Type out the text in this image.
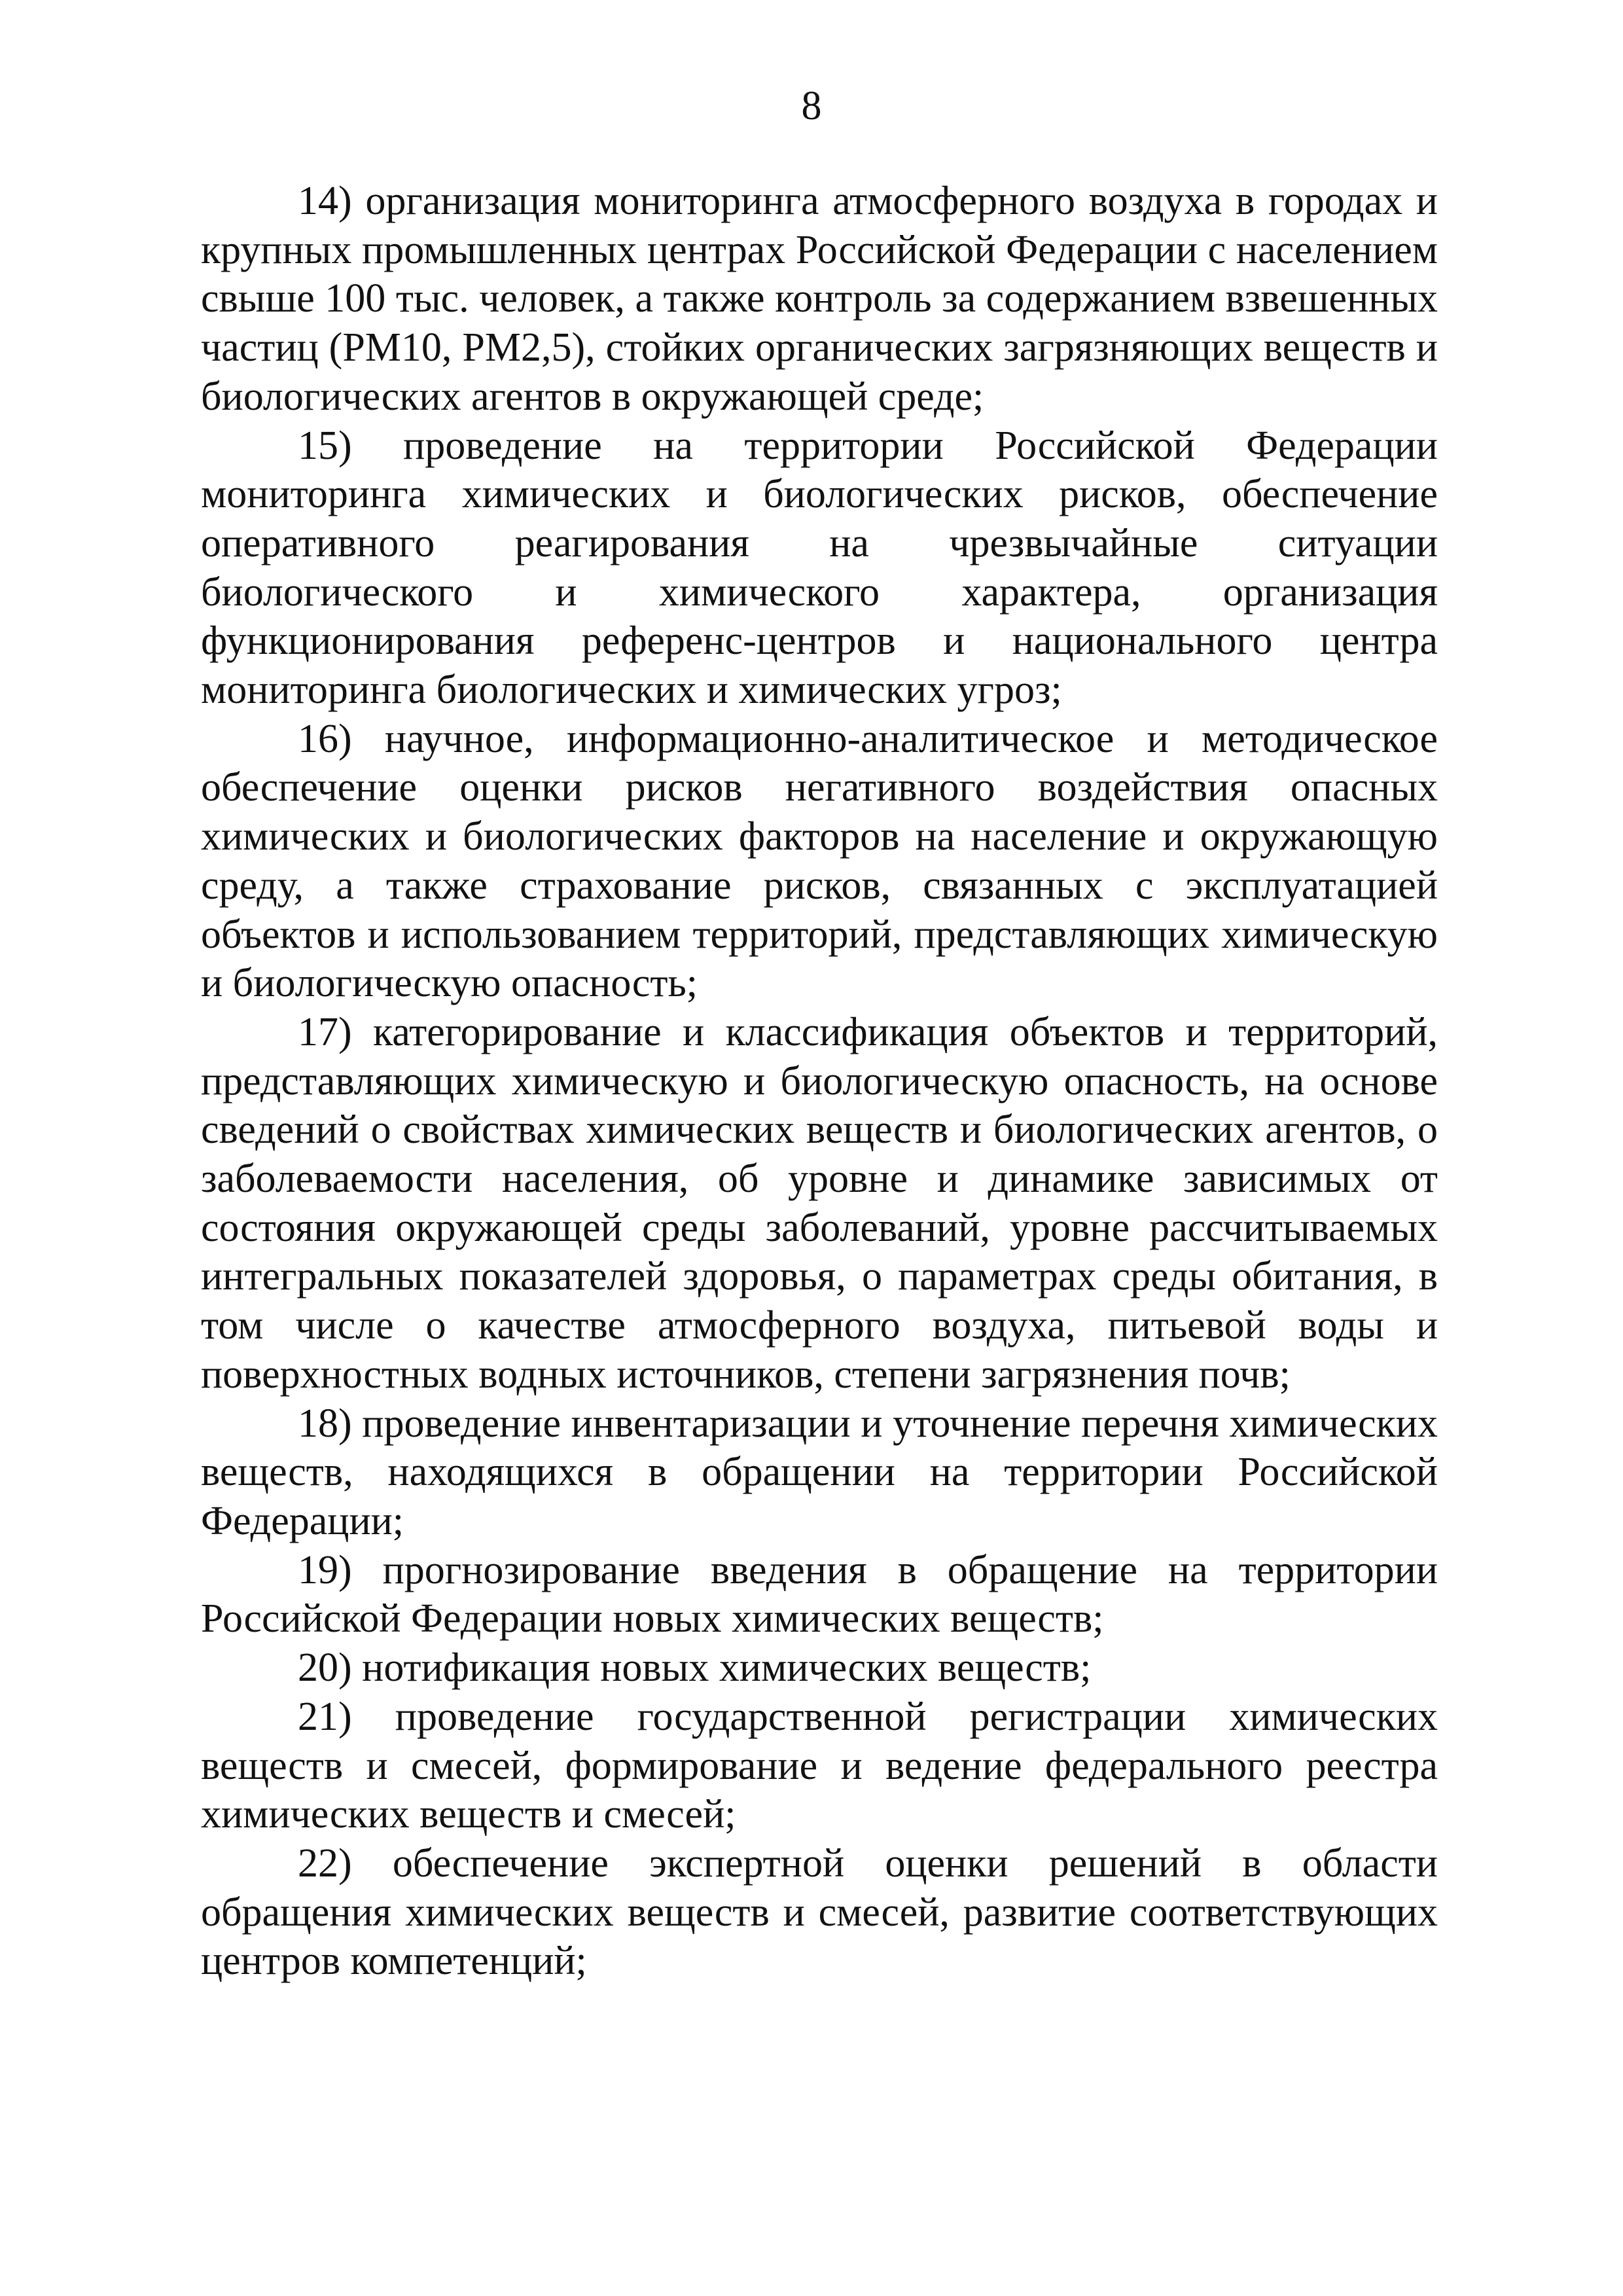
8

14) организация мониторинга атмосферного воздуха в городах и крупных промышленных центрах Российской Федерации с населением свыше 100 тыс. человек, а также контроль за содержанием взвешенных частиц (PM10, PM2,5), стойких органических загрязняющих веществ и биологических агентов в окружающей среде;

15) проведение на территории Российской Федерации мониторинга химических и биологических рисков, обеспечение оперативного реагирования на чрезвычайные ситуации биологического и химического характера, организация функционирования референс-центров и национального центра мониторинга биологических и химических угроз;

16) научное, информационно-аналитическое и методическое обеспечение оценки рисков негативного воздействия опасных химических и биологических факторов на население и окружающую среду, а также страхование рисков, связанных с эксплуатацией объектов и использованием территорий, представляющих химическую и биологическую опасность;

17) категорирование и классификация объектов и территорий, представляющих химическую и биологическую опасность, на основе сведений о свойствах химических веществ и биологических агентов, о заболеваемости населения, об уровне и динамике зависимых от состояния окружающей среды заболеваний, уровне рассчитываемых интегральных показателей здоровья, о параметрах среды обитания, в том числе о качестве атмосферного воздуха, питьевой воды и поверхностных водных источников, степени загрязнения почв;

18) проведение инвентаризации и уточнение перечня химических веществ, находящихся в обращении на территории Российской Федерации;

19) прогнозирование введения в обращение на территории Российской Федерации новых химических веществ;

20) нотификация новых химических веществ;

21) проведение государственной регистрации химических веществ и смесей, формирование и ведение федерального реестра химических веществ и смесей;

22) обеспечение экспертной оценки решений в области обращения химических веществ и смесей, развитие соответствующих центров компетенций;
